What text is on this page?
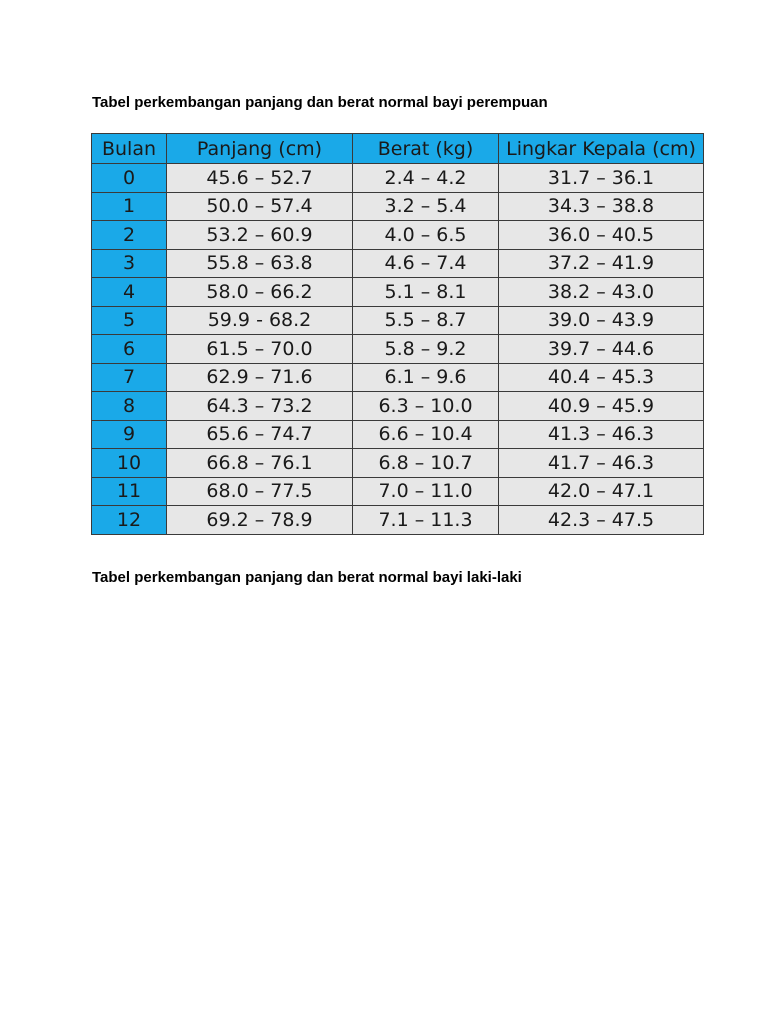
Tabel perkembangan panjang dan berat normal bayi perempuan
Bulan	Panjang (cm)	Berat (kg)	Lingkar Kepala (cm)
0	45.6 – 52.7	2.4 – 4.2	31.7 – 36.1
1	50.0 – 57.4	3.2 – 5.4	34.3 – 38.8
2	53.2 – 60.9	4.0 – 6.5	36.0 – 40.5
3	55.8 – 63.8	4.6 – 7.4	37.2 – 41.9
4	58.0 – 66.2	5.1 – 8.1	38.2 – 43.0
5	59.9 - 68.2	5.5 – 8.7	39.0 – 43.9
6	61.5 – 70.0	5.8 – 9.2	39.7 – 44.6
7	62.9 – 71.6	6.1 – 9.6	40.4 – 45.3
8	64.3 – 73.2	6.3 – 10.0	40.9 – 45.9
9	65.6 – 74.7	6.6 – 10.4	41.3 – 46.3
10	66.8 – 76.1	6.8 – 10.7	41.7 – 46.3
11	68.0 – 77.5	7.0 – 11.0	42.0 – 47.1
12	69.2 – 78.9	7.1 – 11.3	42.3 – 47.5
Tabel perkembangan panjang dan berat normal bayi laki-laki
